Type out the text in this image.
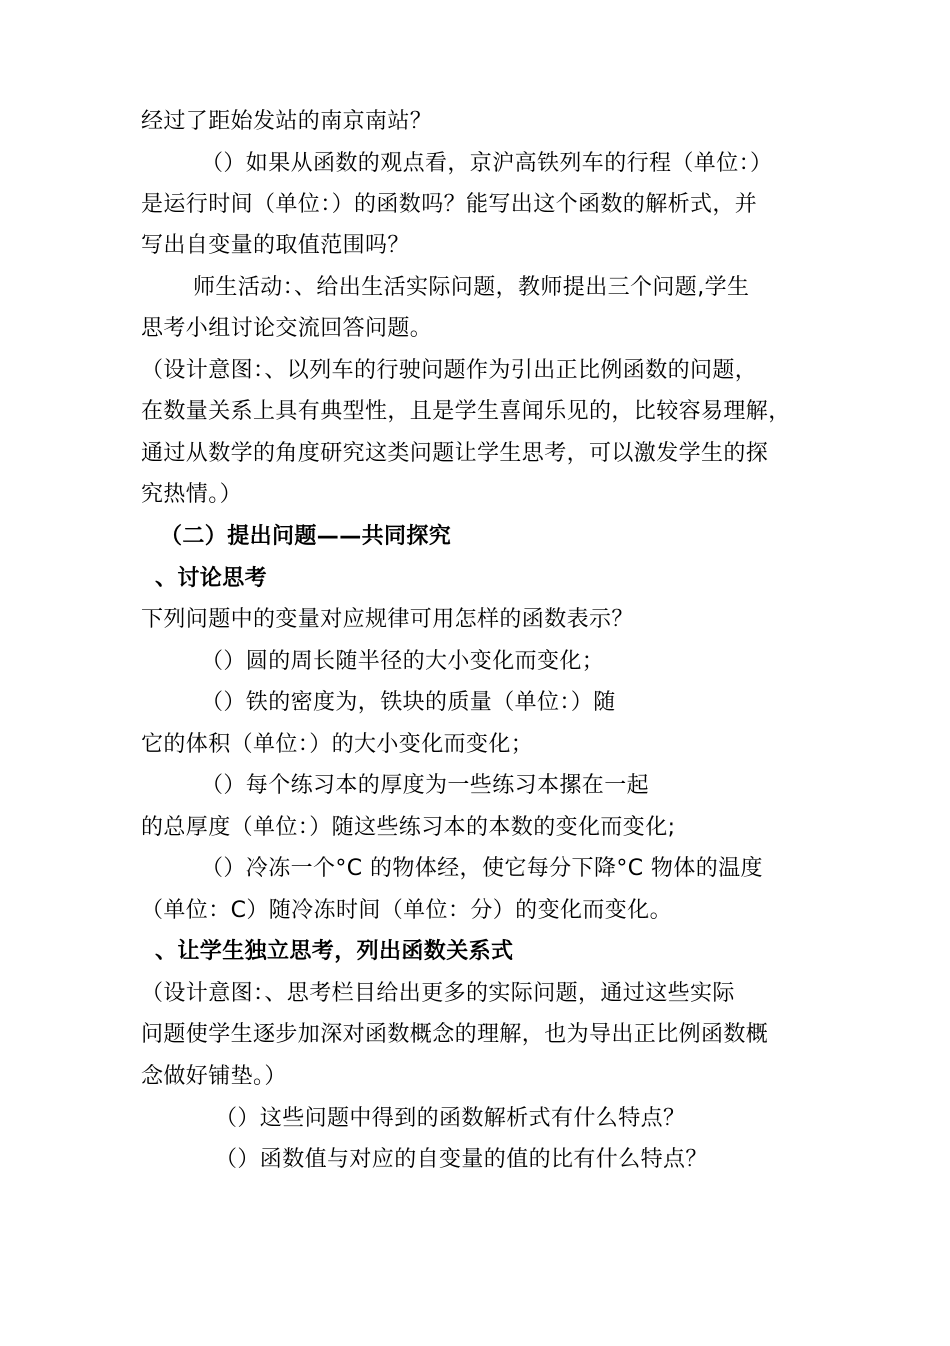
经过了距始发站的南京南站？
（）如果从函数的观点看，京沪高铁列车的行程（单位：）
是运行时间（单位：）的函数吗？能写出这个函数的解析式，并
写出自变量的取值范围吗？
师生活动：、给出生活实际问题，教师提出三个问题,学生
思考小组讨论交流回答问题。
（设计意图：、以列车的行驶问题作为引出正比例函数的问题，
在数量关系上具有典型性，且是学生喜闻乐见的，比较容易理解，
通过从数学的角度研究这类问题让学生思考，可以激发学生的探
究热情。）
（二）提出问题——共同探究
、讨论思考
下列问题中的变量对应规律可用怎样的函数表示？
（）圆的周长随半径的大小变化而变化；
（）铁的密度为，铁块的质量（单位：）随
它的体积（单位：）的大小变化而变化；
（）每个练习本的厚度为一些练习本摞在一起
的总厚度（单位：）随这些练习本的本数的变化而变化;
（）冷冻一个°C 的物体经，使它每分下降°C 物体的温度
（单位：C）随冷冻时间（单位：分）的变化而变化。
、让学生独立思考，列出函数关系式
（设计意图：、思考栏目给出更多的实际问题，通过这些实际
问题使学生逐步加深对函数概念的理解，也为导出正比例函数概
念做好铺垫。）
（）这些问题中得到的函数解析式有什么特点？
（）函数值与对应的自变量的值的比有什么特点？
